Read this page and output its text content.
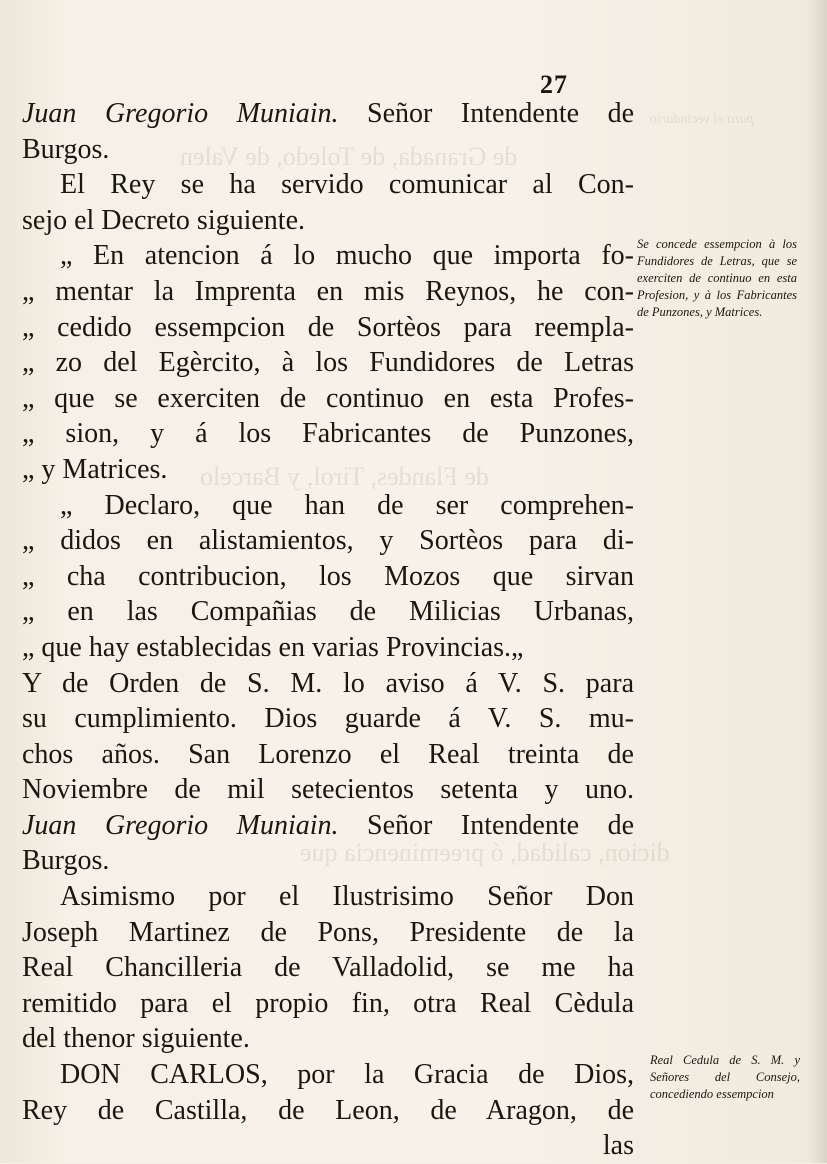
de Granada, de Toledo, de Valen
de Flandes, Tirol, y Barcelo
dicion, calidad, ó preeminencia que
para el vecindario
27
Juan Gregorio Muniain. Señor Intendente de
Burgos.
El Rey se ha servido comunicar al Con-
sejo el Decreto siguiente.
„ En atencion á lo mucho que importa fo-
„ mentar la Imprenta en mis Reynos, he con-
„ cedido essempcion de Sortèos para reempla-
„ zo del Egèrcito, à los Fundidores de Letras
„ que se exerciten de continuo en esta Profes-
„ sion, y á los Fabricantes de Punzones,
„ y Matrices.
„ Declaro, que han de ser comprehen-
„ didos en alistamientos, y Sortèos para di-
„ cha contribucion, los Mozos que sirvan
„ en las Compañias de Milicias Urbanas,
„ que hay establecidas en varias Provincias.„
Y de Orden de S. M. lo aviso á V. S. para
su cumplimiento. Dios guarde á V. S. mu-
chos años. San Lorenzo el Real treinta de
Noviembre de mil setecientos setenta y uno.
Juan Gregorio Muniain. Señor Intendente de
Burgos.
Asimismo por el Ilustrisimo Señor Don
Joseph Martinez de Pons, Presidente de la
Real Chancilleria de Valladolid, se me ha
remitido para el propio fin, otra Real Cèdula
del thenor siguiente.
DON CARLOS, por la Gracia de Dios,
Rey de Castilla, de Leon, de Aragon, de
las
Se concede essempcion à los Fundidores de Letras, que se exerciten de continuo en esta Profesion, y à los Fabricantes de Punzones, y Matrices.
Real Cedula de S. M. y Señores del Consejo, concediendo essempcion
